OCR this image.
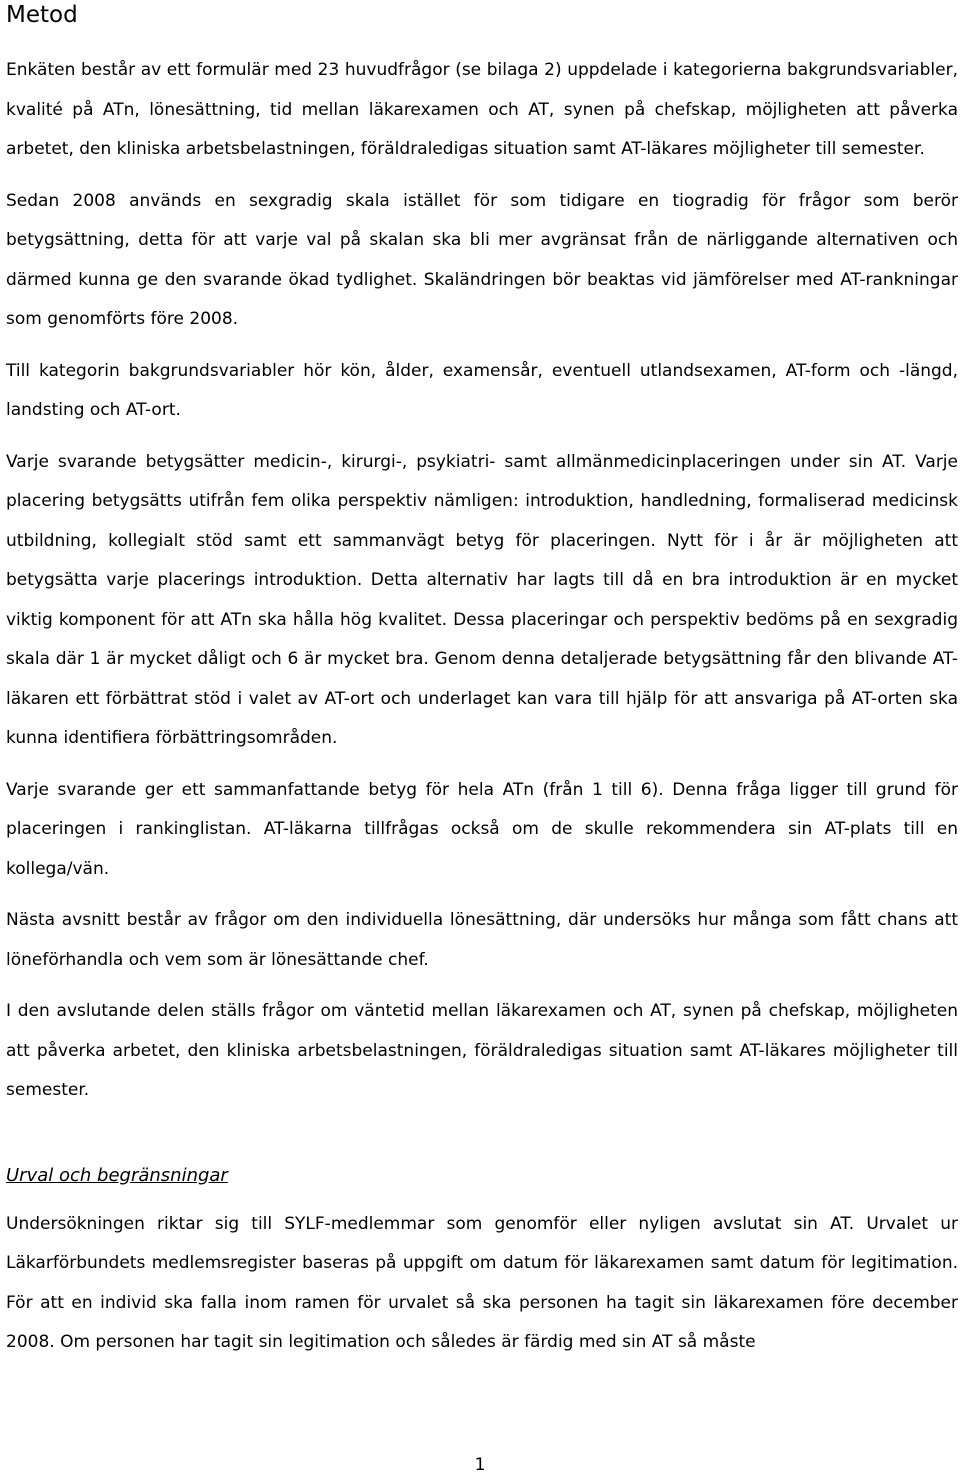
Metod

Enkäten består av ett formulär med 23 huvudfrågor (se bilaga 2) uppdelade i kategorierna bakgrundsvariabler, kvalité på ATn, lönesättning, tid mellan läkarexamen och AT, synen på chefskap, möjligheten att påverka arbetet, den kliniska arbetsbelastningen, föräldraledigas situation samt AT-läkares möjligheter till semester.

Sedan 2008 används en sexgradig skala istället för som tidigare en tiogradig för frågor som berör betygsättning, detta för att varje val på skalan ska bli mer avgränsat från de närliggande alternativen och därmed kunna ge den svarande ökad tydlighet. Skaländringen bör beaktas vid jämförelser med AT-rankningar som genomförts före 2008.

Till kategorin bakgrundsvariabler hör kön, ålder, examensår, eventuell utlandsexamen, AT-form och -längd, landsting och AT-ort.

Varje svarande betygsätter medicin-, kirurgi-, psykiatri- samt allmänmedicinplaceringen under sin AT. Varje placering betygsätts utifrån fem olika perspektiv nämligen: introduktion, handledning, formaliserad medicinsk utbildning, kollegialt stöd samt ett sammanvägt betyg för placeringen. Nytt för i år är möjligheten att betygsätta varje placerings introduktion. Detta alternativ har lagts till då en bra introduktion är en mycket viktig komponent för att ATn ska hålla hög kvalitet. Dessa placeringar och perspektiv bedöms på en sexgradig skala där 1 är mycket dåligt och 6 är mycket bra. Genom denna detaljerade betygsättning får den blivande AT-läkaren ett förbättrat stöd i valet av AT-ort och underlaget kan vara till hjälp för att ansvariga på AT-orten ska kunna identifiera förbättringsområden.

Varje svarande ger ett sammanfattande betyg för hela ATn (från 1 till 6). Denna fråga ligger till grund för placeringen i rankinglistan. AT-läkarna tillfrågas också om de skulle rekommendera sin AT-plats till en kollega/vän.

Nästa avsnitt består av frågor om den individuella lönesättning, där undersöks hur många som fått chans att löneförhandla och vem som är lönesättande chef.

I den avslutande delen ställs frågor om väntetid mellan läkarexamen och AT, synen på chefskap, möjligheten att påverka arbetet, den kliniska arbetsbelastningen, föräldraledigas situation samt AT-läkares möjligheter till semester.

Urval och begränsningar

Undersökningen riktar sig till SYLF-medlemmar som genomför eller nyligen avslutat sin AT. Urvalet ur Läkarförbundets medlemsregister baseras på uppgift om datum för läkarexamen samt datum för legitimation. För att en individ ska falla inom ramen för urvalet så ska personen ha tagit sin läkarexamen före december 2008. Om personen har tagit sin legitimation och således är färdig med sin AT så måste

1
